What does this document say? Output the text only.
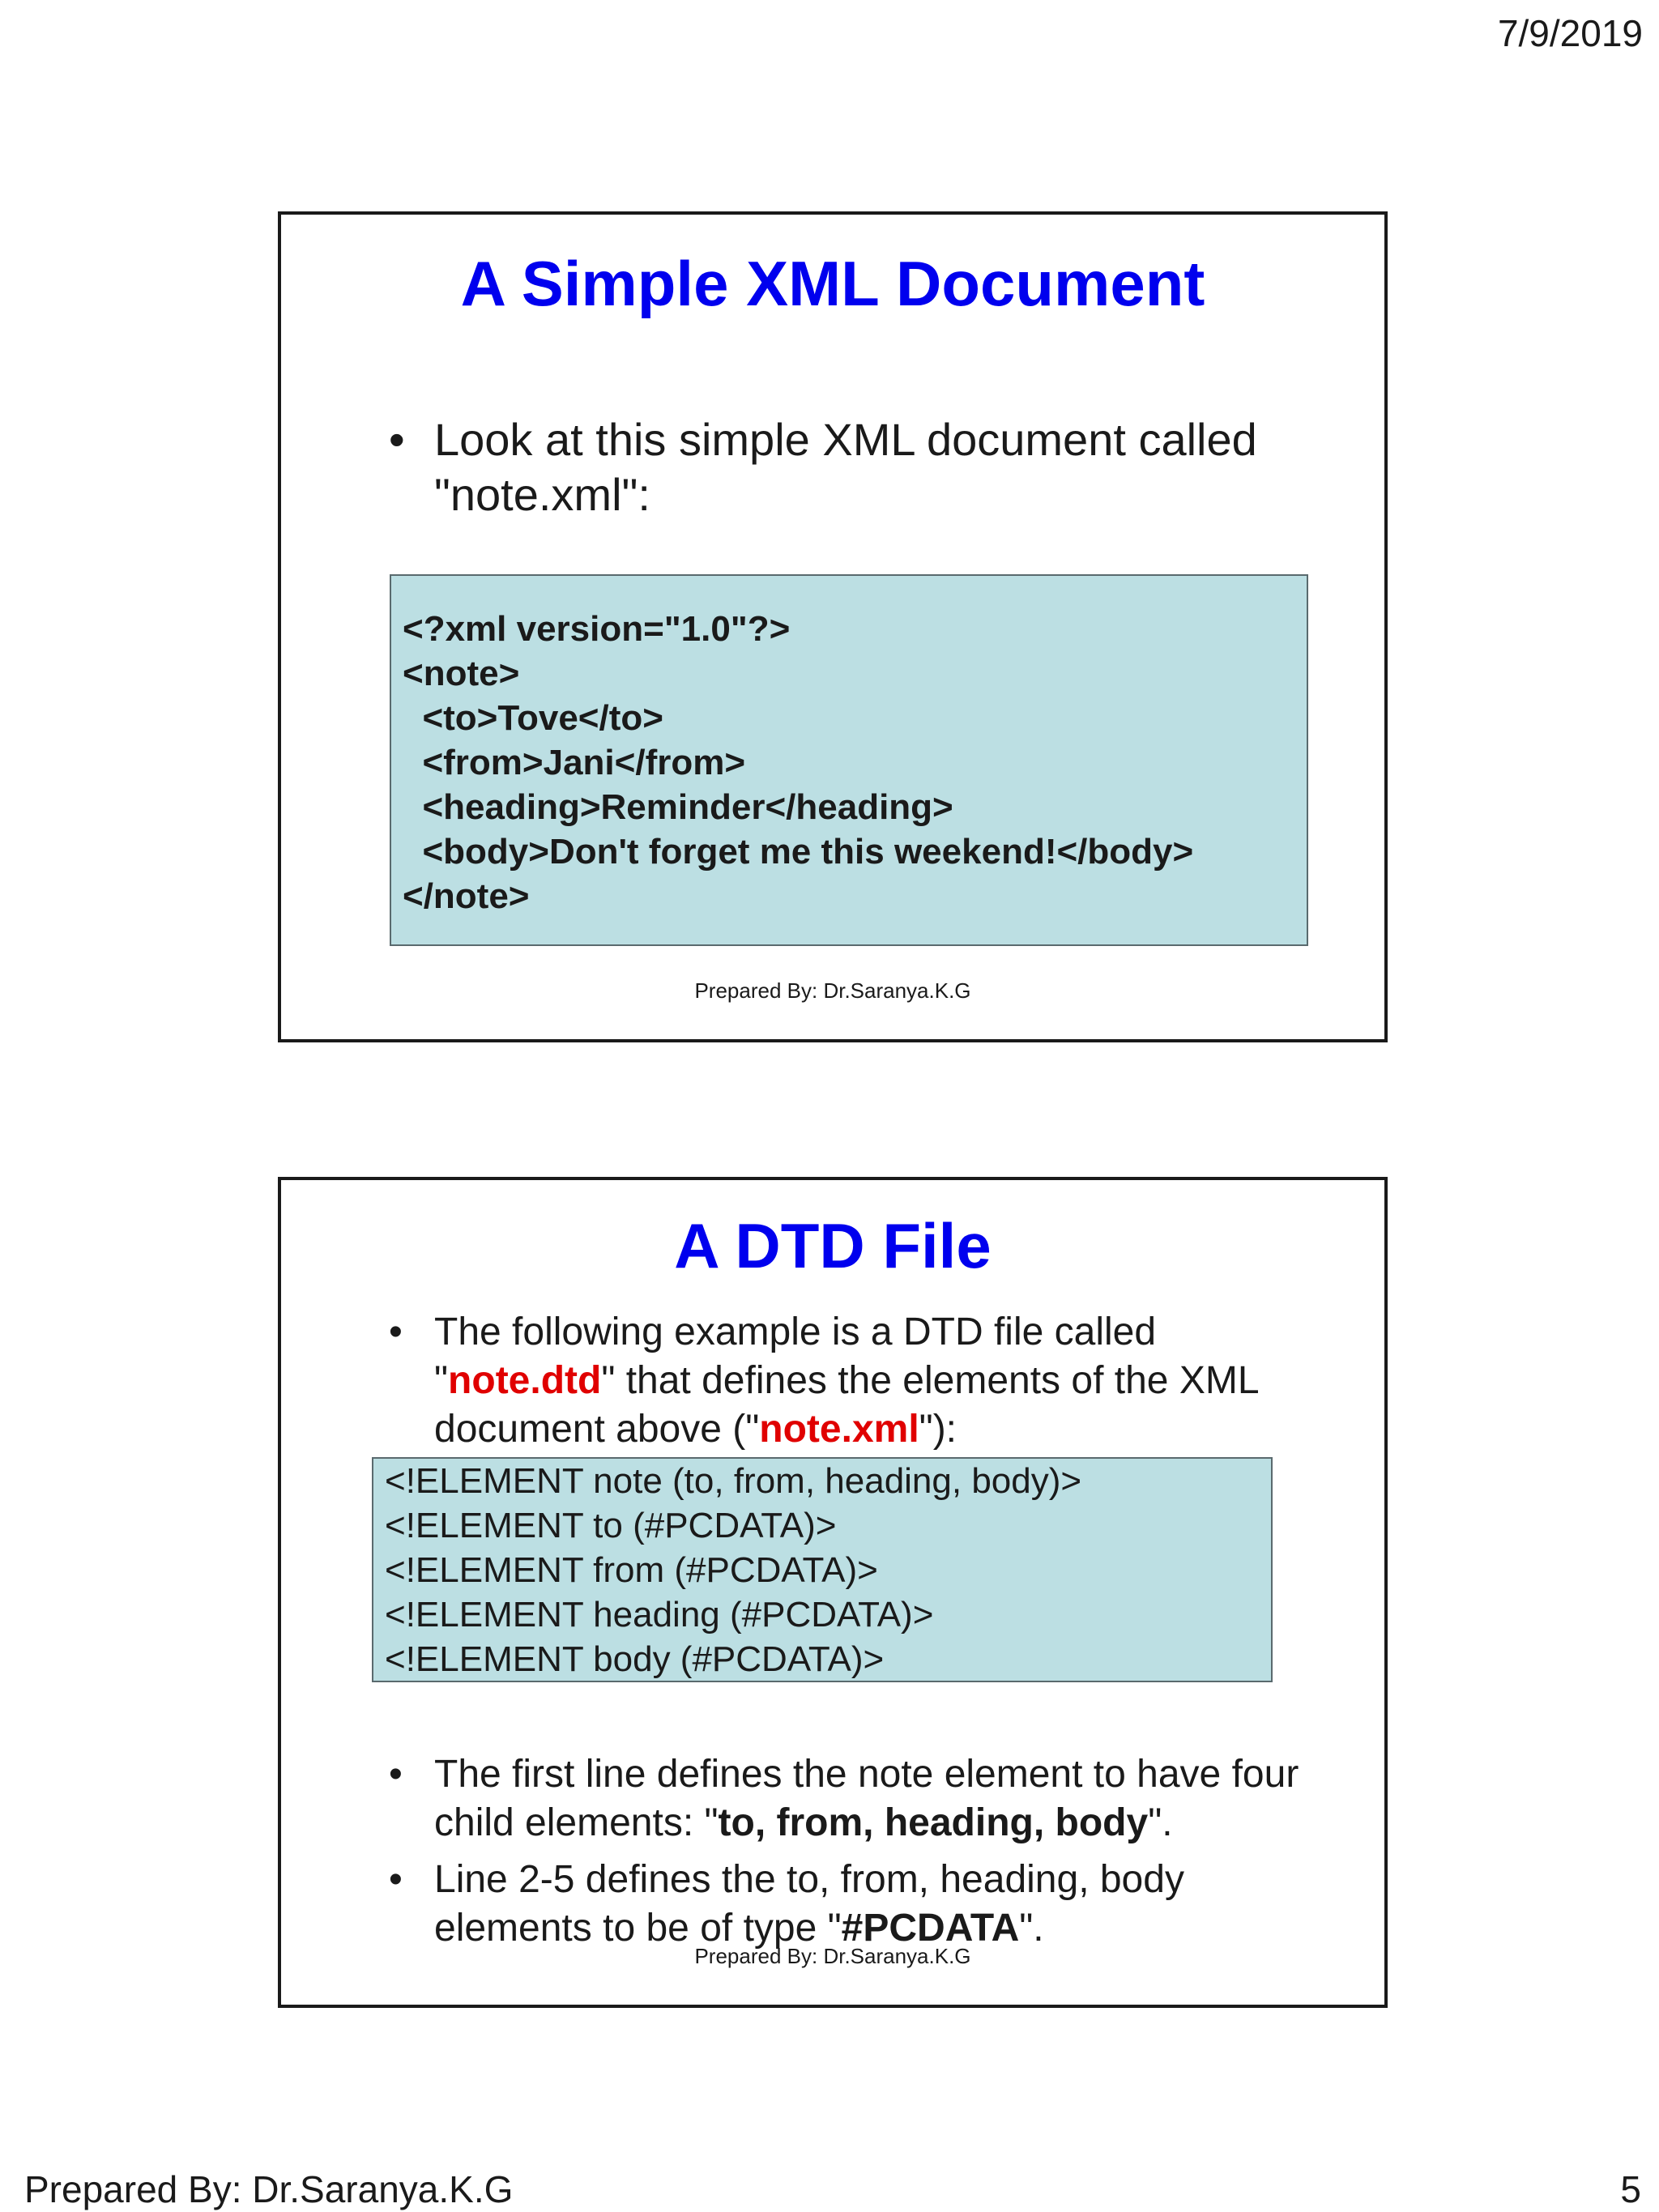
7/9/2019
A Simple XML Document
• Look at this simple XML document called "note.xml":
<?xml version="1.0"?>
<note>
<to>Tove</to>
<from>Jani</from>
<heading>Reminder</heading>
<body>Don't forget me this weekend!</body>
</note>
Prepared By: Dr.Saranya.K.G
A DTD File
• The following example is a DTD file called "note.dtd" that defines the elements of the XML document above ("note.xml"):
<!ELEMENT note (to, from, heading, body)>
<!ELEMENT to (#PCDATA)>
<!ELEMENT from (#PCDATA)>
<!ELEMENT heading (#PCDATA)>
<!ELEMENT body (#PCDATA)>
• The first line defines the note element to have four child elements: "to, from, heading, body".
• Line 2-5 defines the to, from, heading, body elements to be of type "#PCDATA".
Prepared By: Dr.Saranya.K.G
Prepared By: Dr.Saranya.K.G	5
